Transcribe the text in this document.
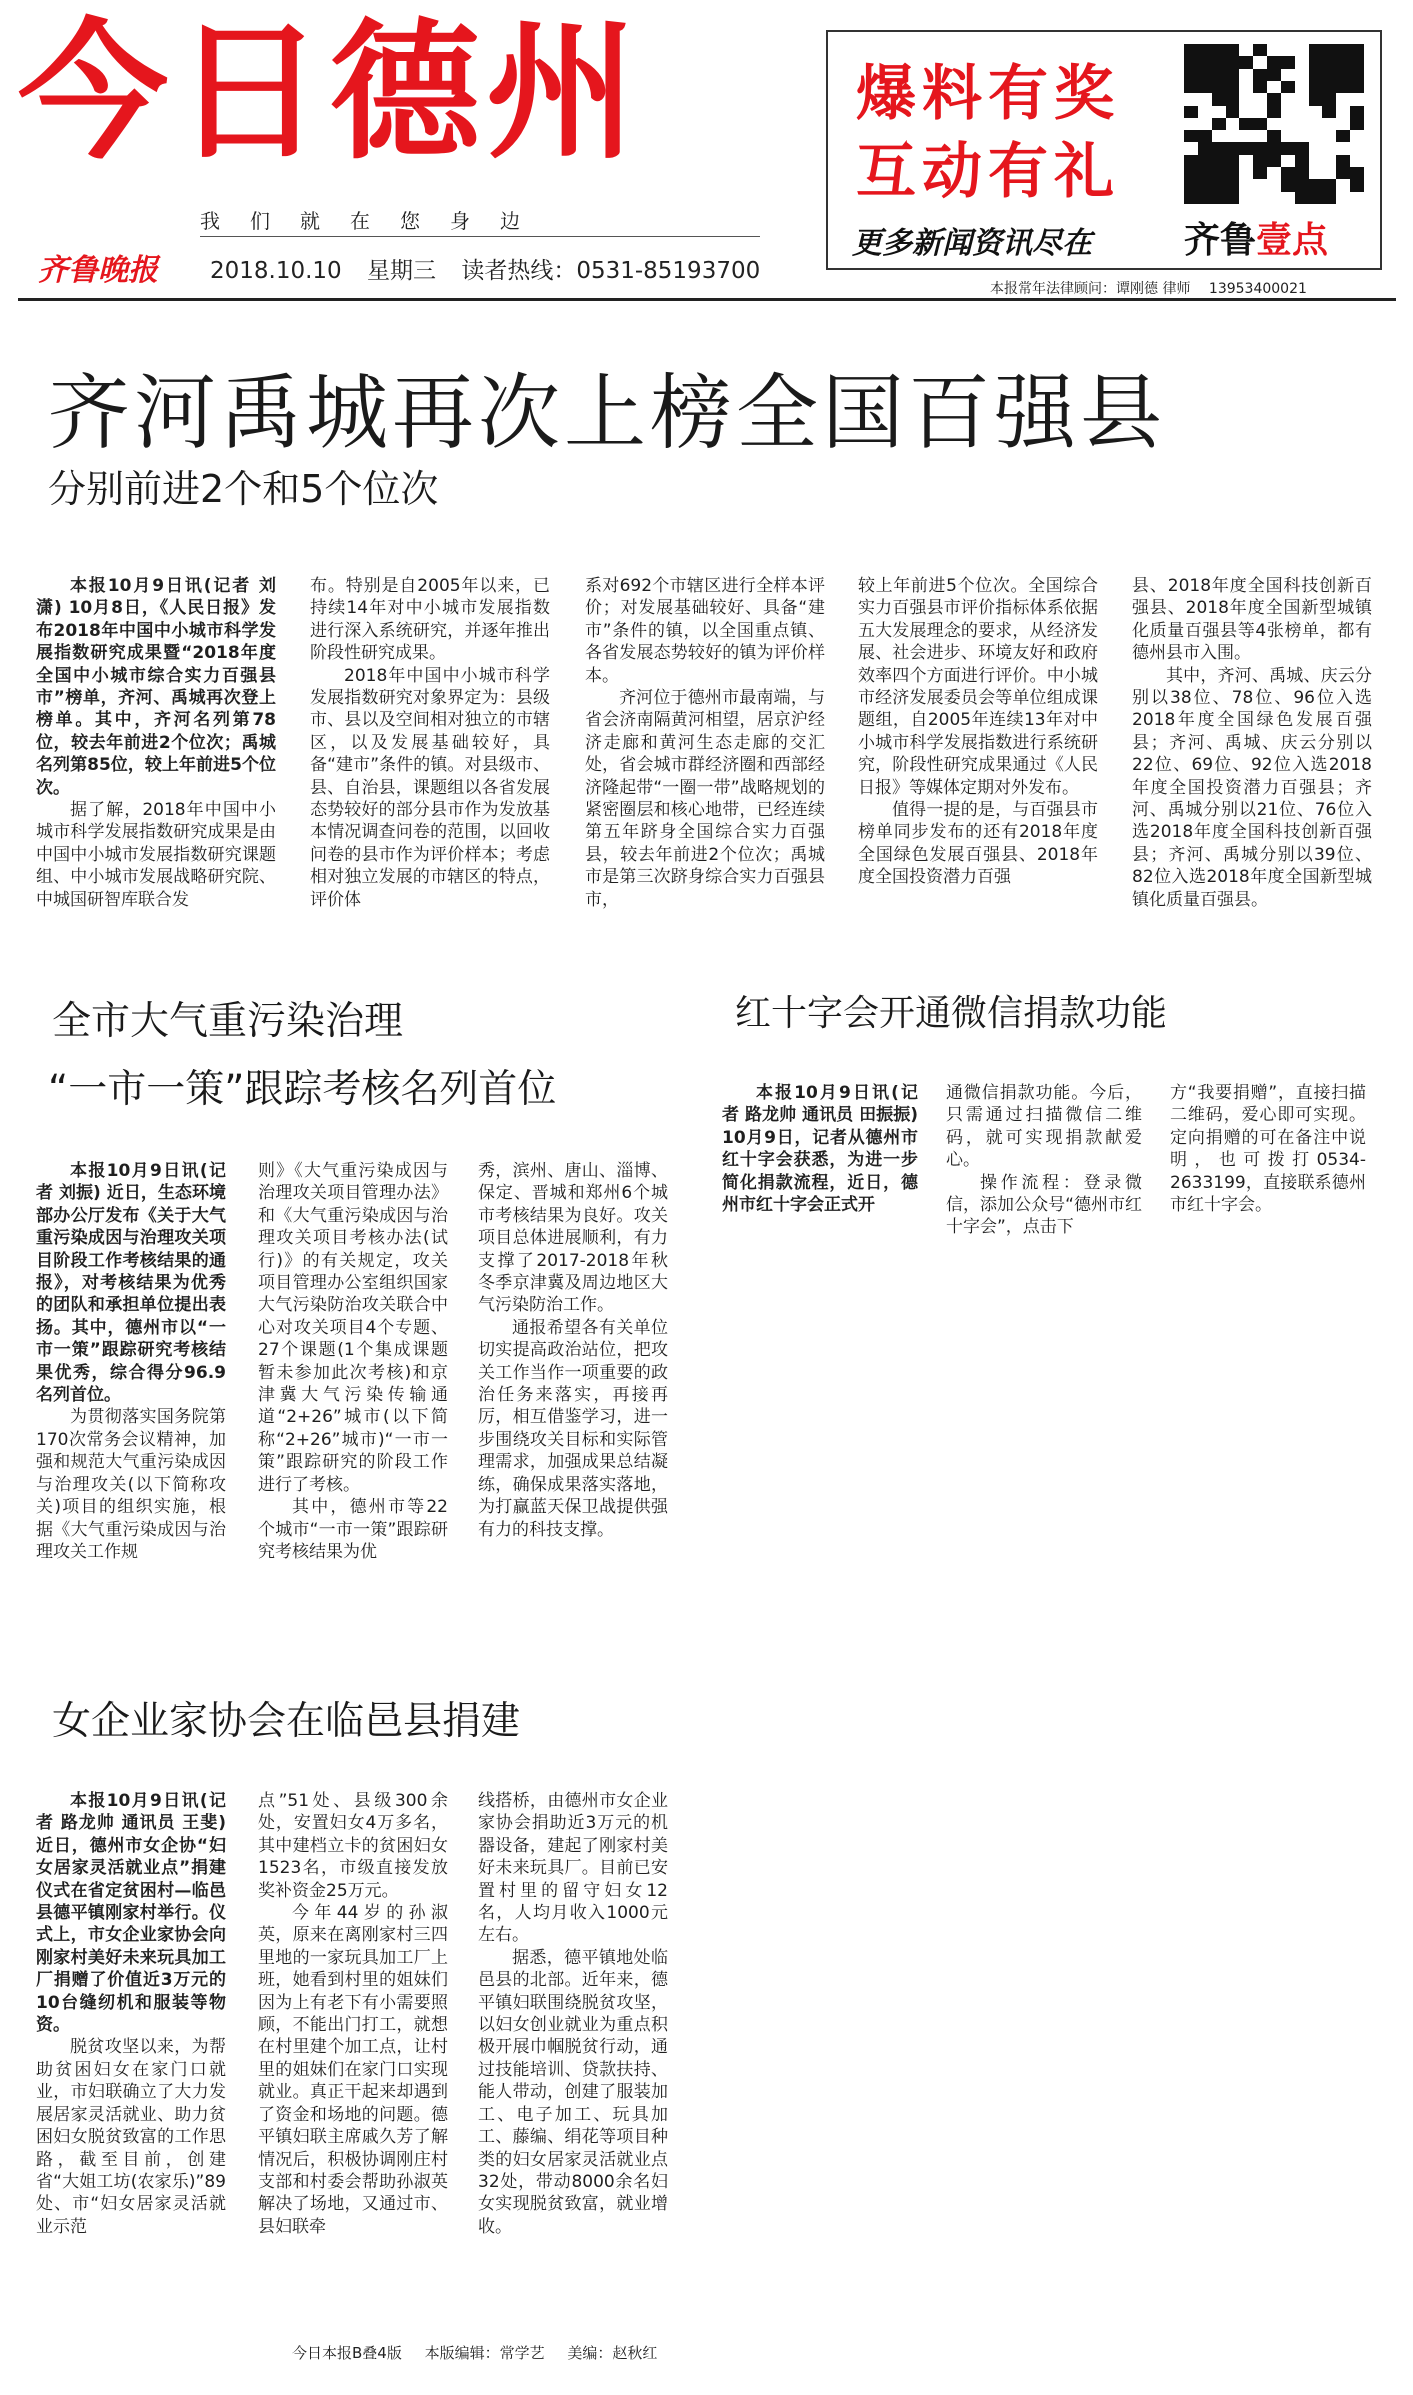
今日德州
我们就在您身边
齐鲁晚报 2018.10.10 星期三 读者热线：0531-85193700
爆料有奖
互动有礼
更多新闻资讯尽在	齐鲁壹点
本报常年法律顾问：谭刚德 律师 13953400021
齐河禹城再次上榜全国百强县
分别前进2个和5个位次

本报10月9日讯(记者 刘潇) 10月8日，《人民日报》发布2018年中国中小城市科学发展指数研究成果暨“2018年度全国中小城市综合实力百强县市”榜单，齐河、禹城再次登上榜单。其中，齐河名列第78位，较去年前进2个位次；禹城名列第85位，较上年前进5个位次。

据了解，2018年中国中小城市科学发展指数研究成果是由中国中小城市发展指数研究课题组、中小城市发展战略研究院、中城国研智库联合发

布。特别是自2005年以来，已持续14年对中小城市发展指数进行深入系统研究，并逐年推出阶段性研究成果。

2018年中国中小城市科学发展指数研究对象界定为：县级市、县以及空间相对独立的市辖区，以及发展基础较好，具备“建市”条件的镇。对县级市、县、自治县，课题组以各省发展态势较好的部分县市作为发放基本情况调查问卷的范围，以回收问卷的县市作为评价样本；考虑相对独立发展的市辖区的特点，评价体

系对692个市辖区进行全样本评价；对发展基础较好、具备“建市”条件的镇，以全国重点镇、各省发展态势较好的镇为评价样本。

齐河位于德州市最南端，与省会济南隔黄河相望，居京沪经济走廊和黄河生态走廊的交汇处，省会城市群经济圈和西部经济隆起带“一圈一带”战略规划的紧密圈层和核心地带，已经连续第五年跻身全国综合实力百强县，较去年前进2个位次；禹城市是第三次跻身综合实力百强县市，

较上年前进5个位次。全国综合实力百强县市评价指标体系依据五大发展理念的要求，从经济发展、社会进步、环境友好和政府效率四个方面进行评价。中小城市经济发展委员会等单位组成课题组，自2005年连续13年对中小城市科学发展指数进行系统研究，阶段性研究成果通过《人民日报》等媒体定期对外发布。

值得一提的是，与百强县市榜单同步发布的还有2018年度全国绿色发展百强县、2018年度全国投资潜力百强

县、2018年度全国科技创新百强县、2018年度全国新型城镇化质量百强县等4张榜单，都有德州县市入围。

其中，齐河、禹城、庆云分别以38位、78位、96位入选2018年度全国绿色发展百强县；齐河、禹城、庆云分别以22位、69位、92位入选2018年度全国投资潜力百强县；齐河、禹城分别以21位、76位入选2018年度全国科技创新百强县；齐河、禹城分别以39位、82位入选2018年度全国新型城镇化质量百强县。

全市大气重污染治理
“一市一策”跟踪考核名列首位

本报10月9日讯(记者 刘振) 近日，生态环境部办公厅发布《关于大气重污染成因与治理攻关项目阶段工作考核结果的通报》，对考核结果为优秀的团队和承担单位提出表扬。其中，德州市以“一市一策”跟踪研究考核结果优秀，综合得分96.9名列首位。

为贯彻落实国务院第170次常务会议精神，加强和规范大气重污染成因与治理攻关(以下简称攻关)项目的组织实施，根据《大气重污染成因与治理攻关工作规

则》《大气重污染成因与治理攻关项目管理办法》和《大气重污染成因与治理攻关项目考核办法(试行)》的有关规定，攻关项目管理办公室组织国家大气污染防治攻关联合中心对攻关项目4个专题、27个课题(1个集成课题暂未参加此次考核)和京津冀大气污染传输通道“2+26”城市(以下简称“2+26”城市)“一市一策”跟踪研究的阶段工作进行了考核。

其中，德州市等22个城市“一市一策”跟踪研究考核结果为优

秀，滨州、唐山、淄博、保定、晋城和郑州6个城市考核结果为良好。攻关项目总体进展顺利，有力支撑了2017-2018年秋冬季京津冀及周边地区大气污染防治工作。

通报希望各有关单位切实提高政治站位，把攻关工作当作一项重要的政治任务来落实，再接再厉，相互借鉴学习，进一步围绕攻关目标和实际管理需求，加强成果总结凝练，确保成果落实落地，为打赢蓝天保卫战提供强有力的科技支撑。

红十字会开通微信捐款功能

本报10月9日讯(记者 路龙帅 通讯员 田振振) 10月9日，记者从德州市红十字会获悉，为进一步简化捐款流程，近日，德州市红十字会正式开

通微信捐款功能。今后，只需通过扫描微信二维码，就可实现捐款献爱心。

操作流程：登录微信，添加公众号“德州市红十字会”，点击下

方“我要捐赠”，直接扫描二维码，爱心即可实现。定向捐赠的可在备注中说明，也可拨打0534-2633199，直接联系德州市红十字会。

女企业家协会在临邑县捐建

本报10月9日讯(记者 路龙帅 通讯员 王斐) 近日，德州市女企协“妇女居家灵活就业点”捐建仪式在省定贫困村—临邑县德平镇刚家村举行。仪式上，市女企业家协会向刚家村美好未来玩具加工厂捐赠了价值近3万元的10台缝纫机和服装等物资。

脱贫攻坚以来，为帮助贫困妇女在家门口就业，市妇联确立了大力发展居家灵活就业、助力贫困妇女脱贫致富的工作思路，截至目前，创建省“大姐工坊(农家乐)”89处、市“妇女居家灵活就业示范

点”51处、县级300余处，安置妇女4万多名，其中建档立卡的贫困妇女1523名，市级直接发放奖补资金25万元。

今年44岁的孙淑英，原来在离刚家村三四里地的一家玩具加工厂上班，她看到村里的姐妹们因为上有老下有小需要照顾，不能出门打工，就想在村里建个加工点，让村里的姐妹们在家门口实现就业。真正干起来却遇到了资金和场地的问题。德平镇妇联主席戚久芳了解情况后，积极协调刚庄村支部和村委会帮助孙淑英解决了场地，又通过市、县妇联牵

线搭桥，由德州市女企业家协会捐助近3万元的机器设备，建起了刚家村美好未来玩具厂。目前已安置村里的留守妇女12名，人均月收入1000元左右。

据悉，德平镇地处临邑县的北部。近年来，德平镇妇联围绕脱贫攻坚，以妇女创业就业为重点积极开展巾帼脱贫行动，通过技能培训、贷款扶持、能人带动，创建了服装加工、电子加工、玩具加工、藤编、绢花等项目种类的妇女居家灵活就业点32处，带动8000余名妇女实现脱贫致富，就业增收。

今日本报B叠4版 本版编辑：常学艺 美编：赵秋红
